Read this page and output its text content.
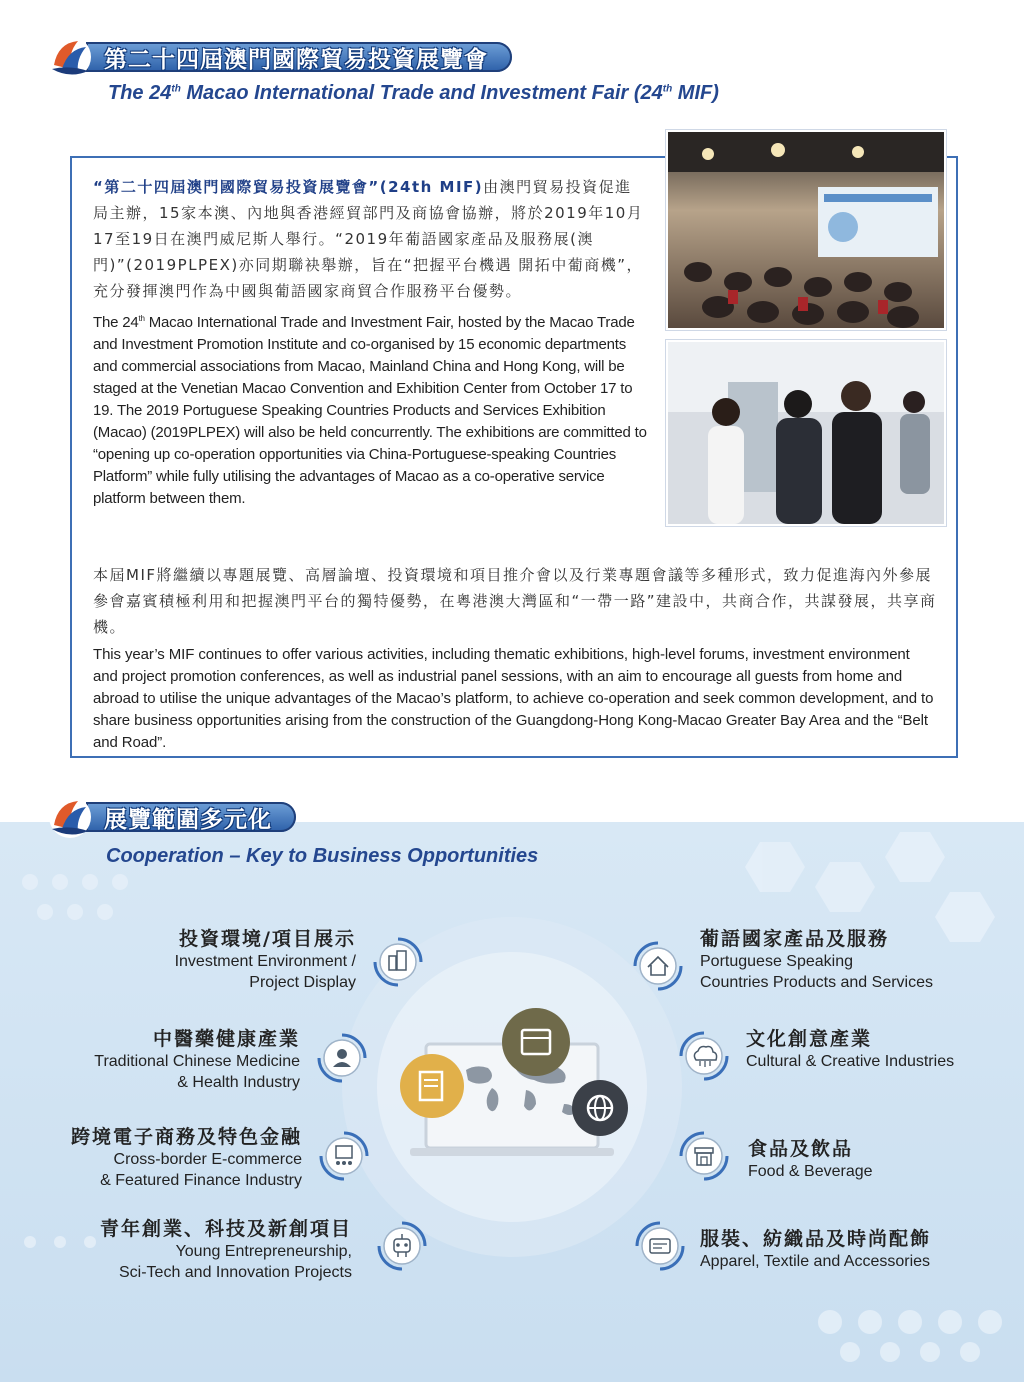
第二十四屆澳門國際貿易投資展覽會
The 24th Macao International Trade and Investment Fair (24th MIF)

“第二十四屆澳門國際貿易投資展覽會”(24th MIF)由澳門貿易投資促進局主辦，15家本澳、內地與香港經貿部門及商協會協辦，將於2019年10月17至19日在澳門威尼斯人舉行。“2019年葡語國家產品及服務展(澳門)”(2019PLPEX)亦同期聯袂舉辦，旨在“把握平台機遇 開拓中葡商機”，充分發揮澳門作為中國與葡語國家商貿合作服務平台優勢。

The 24th Macao International Trade and Investment Fair, hosted by the Macao Trade and Investment Promotion Institute and co-organised by 15 economic departments and commercial associations from Macao, Mainland China and Hong Kong, will be staged at the Venetian Macao Convention and Exhibition Center from October 17 to 19. The 2019 Portuguese Speaking Countries Products and Services Exhibition (Macao) (2019PLPEX) will also be held concurrently. The exhibitions are committed to “opening up co-operation opportunities via China-Portuguese-speaking Countries Platform” while fully utilising the advantages of Macao as a co-operative service platform between them.

本屆MIF將繼續以專題展覽、高層論壇、投資環境和項目推介會以及行業專題會議等多種形式，致力促進海內外參展參會嘉賓積極利用和把握澳門平台的獨特優勢，在粵港澳大灣區和“一帶一路”建設中，共商合作，共謀發展，共享商機。

This year’s MIF continues to offer various activities, including thematic exhibitions, high-level forums, investment environment and project promotion conferences, as well as industrial panel sessions, with an aim to encourage all guests from home and abroad to utilise the unique advantages of the Macao’s platform, to achieve co-operation and seek common development, and to share business opportunities arising from the construction of the Guangdong-Hong Kong-Macao Greater Bay Area and the “Belt and Road”.

展覽範圍多元化
Cooperation – Key to Business Opportunities
投資環境/項目展示
Investment Environment /
Project Display
中醫藥健康產業
Traditional Chinese Medicine
& Health Industry
跨境電子商務及特色金融
Cross-border E-commerce
& Featured Finance Industry
青年創業、科技及新創項目
Young Entrepreneurship,
Sci-Tech and Innovation Projects
葡語國家產品及服務
Portuguese Speaking
Countries Products and Services
文化創意產業
Cultural & Creative Industries
食品及飲品
Food & Beverage
服裝、紡織品及時尚配飾
Apparel, Textile and Accessories
